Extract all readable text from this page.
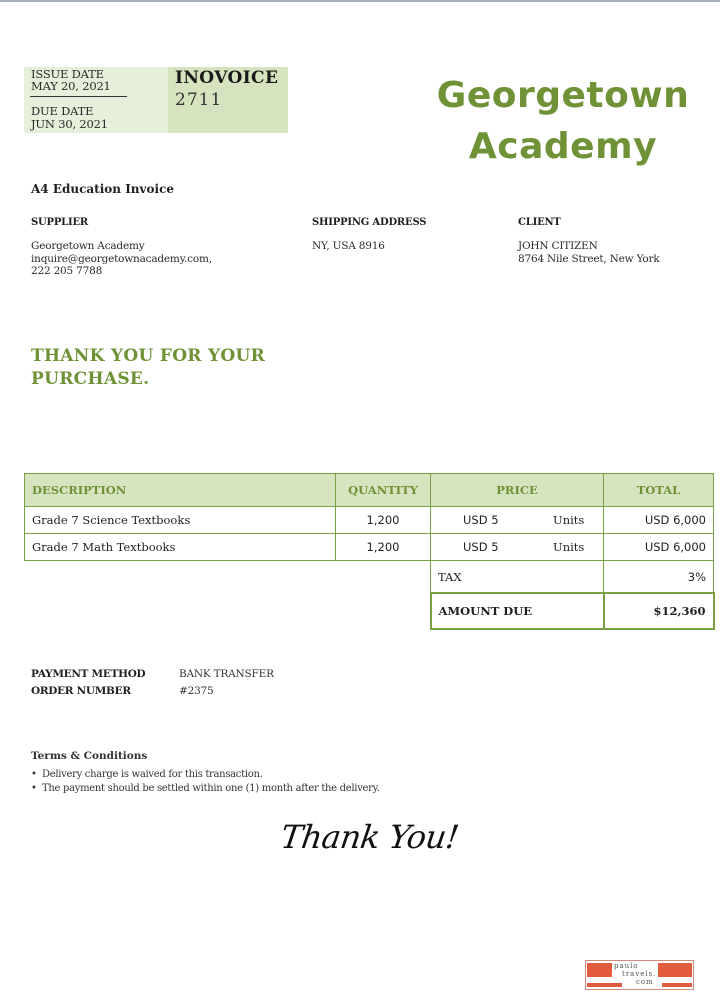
ISSUE DATE
MAY 20, 2021
DUE DATE
JUN 30, 2021
INOVOICE
2711	Georgetown
Academy
A4 Education Invoice
SUPPLIER
Georgetown Academy
inquire@georgetownacademy.com,
222 205 7788
SHIPPING ADDRESS
NY, USA 8916
CLIENT
JOHN CITIZEN
8764 Nile Street, New York
THANK YOU FOR YOUR PURCHASE.
DESCRIPTION	QUANTITY	PRICE	TOTAL
Grade 7 Science Textbooks	1,200	USD 5 Units	USD 6,000
Grade 7 Math Textbooks	1,200	USD 5 Units	USD 6,000
		TAX	3%
		AMOUNT DUE	$12,360
PAYMENT METHOD	BANK TRANSFER
ORDER NUMBER	#2375
Terms & Conditions
• Delivery charge is waived for this transaction.
• The payment should be settled within one (1) month after the delivery.
Thank You!
paulo
travels.
com
